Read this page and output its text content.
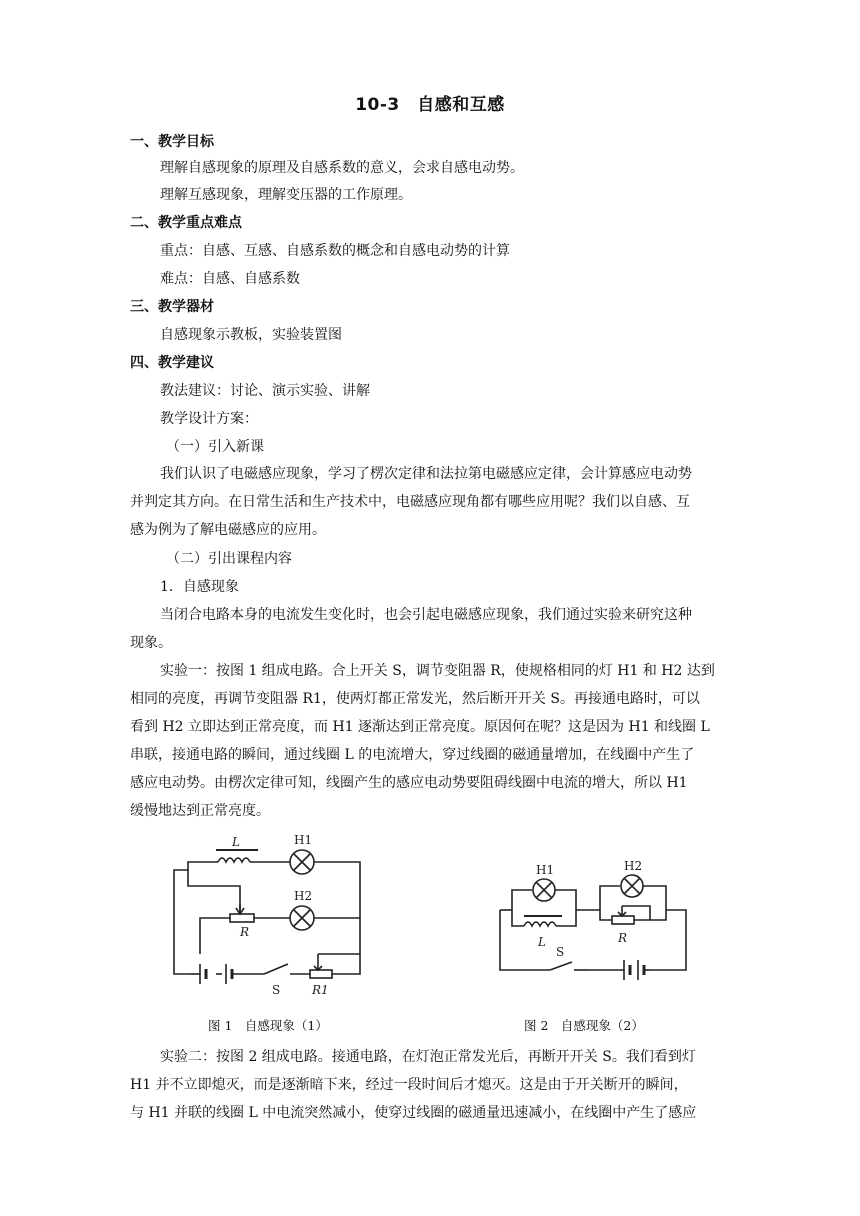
10-3　自感和互感
一、教学目标
理解自感现象的原理及自感系数的意义，会求自感电动势。
理解互感现象，理解变压器的工作原理。
二、教学重点难点
重点：自感、互感、自感系数的概念和自感电动势的计算
难点：自感、自感系数
三、教学器材
自感现象示教板，实验装置图
四、教学建议
教法建议：讨论、演示实验、讲解
教学设计方案：
（一）引入新课
我们认识了电磁感应现象，学习了楞次定律和法拉第电磁感应定律，会计算感应电动势
并判定其方向。在日常生活和生产技术中，电磁感应现角都有哪些应用呢？我们以自感、互
感为例为了解电磁感应的应用。
（二）引出课程内容
1．自感现象
当闭合电路本身的电流发生变化时，也会引起电磁感应现象，我们通过实验来研究这种
现象。
实验一：按图 1 组成电路。合上开关 S，调节变阻器 R，使规格相同的灯 H1 和 H2 达到
相同的亮度，再调节变阻器 R1，使两灯都正常发光，然后断开开关 S。再接通电路时，可以
看到 H2 立即达到正常亮度，而 H1 逐渐达到正常亮度。原因何在呢？这是因为 H1 和线圈 L
串联，接通电路的瞬间，通过线圈 L 的电流增大，穿过线圈的磁通量增加，在线圈中产生了
感应电动势。由楞次定律可知，线圈产生的感应电动势要阻碍线圈中电流的增大，所以 H1
缓慢地达到正常亮度。
L	H1
H2
R
S	R1
H1	H2
L	R
S
图 1　自感现象（1）	图 2　自感现象（2）
实验二：按图 2 组成电路。接通电路，在灯泡正常发光后，再断开开关 S。我们看到灯
H1 并不立即熄灭，而是逐渐暗下来，经过一段时间后才熄灭。这是由于开关断开的瞬间，
与 H1 并联的线圈 L 中电流突然减小，使穿过线圈的磁通量迅速减小，在线圈中产生了感应
